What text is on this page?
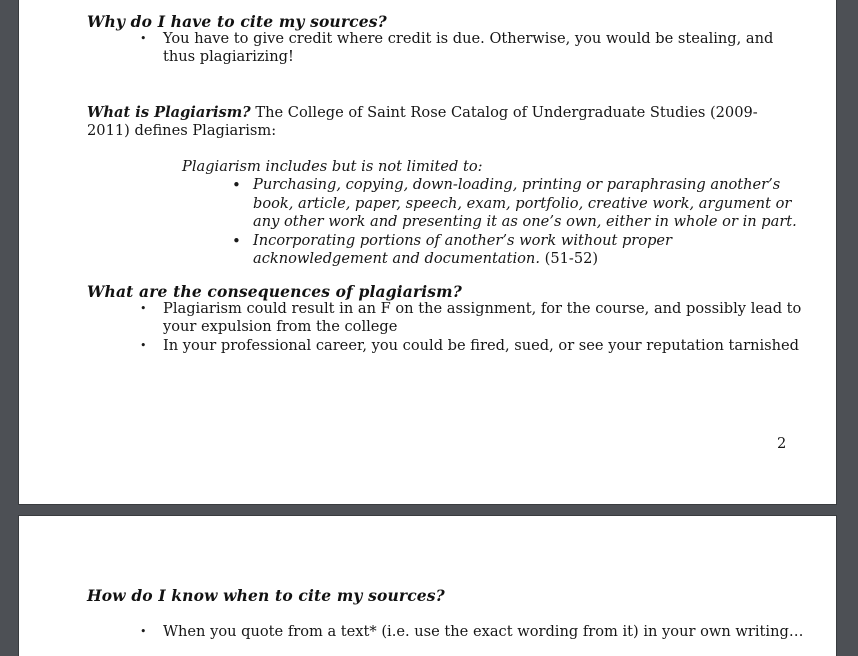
Why do I have to cite my sources?
•
You have to give credit where credit is due. Otherwise, you would be stealing, and thus plagiarizing!
What is Plagiarism? The College of Saint Rose Catalog of Undergraduate Studies (2009-2011) defines Plagiarism:
Plagiarism includes but is not limited to:
•
Purchasing, copying, down-loading, printing or paraphrasing another’s book, article, paper, speech, exam, portfolio, creative work, argument or any other work and presenting it as one’s own, either in whole or in part.
•
Incorporating portions of another’s work without proper acknowledgement and documentation. (51-52)
What are the consequences of plagiarism?
•
Plagiarism could result in an F on the assignment, for the course, and possibly lead to your expulsion from the college
•
In your professional career, you could be fired, sued, or see your reputation tarnished
2
How do I know when to cite my sources?
•
When you quote from a text* (i.e. use the exact wording from it) in your own writing…
